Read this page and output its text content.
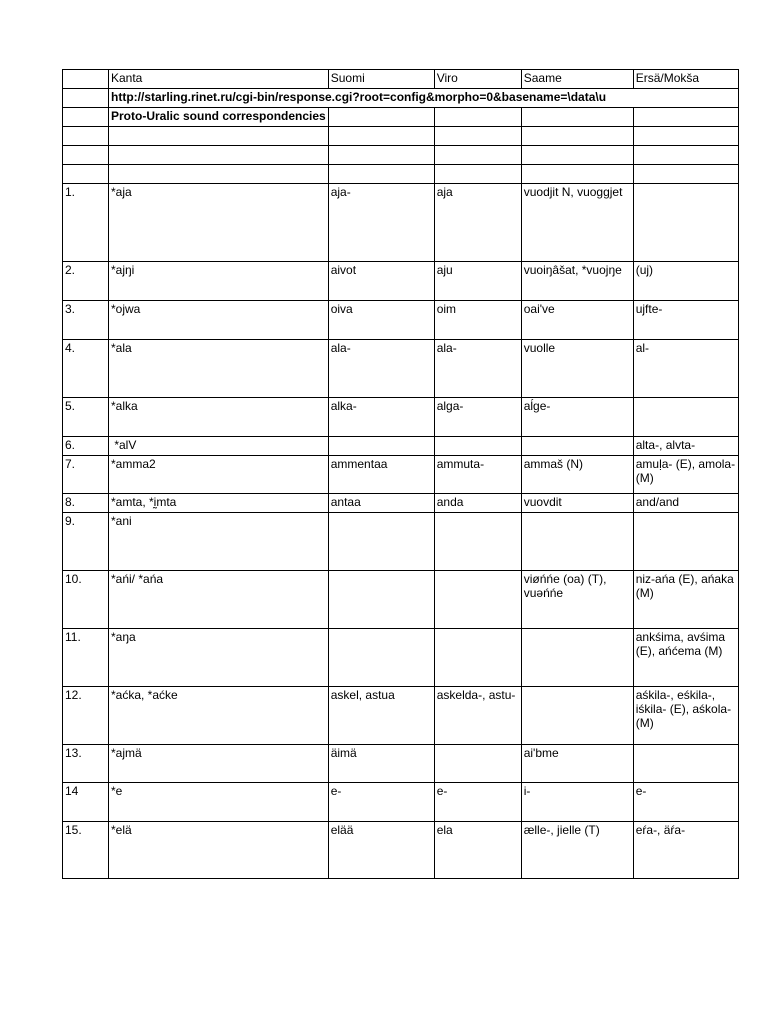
	Kanta	Suomi	Viro	Saame	Ersä/Mokša
	http://starling.rinet.ru/cgi-bin/response.cgi?root=config&morpho=0&basename=\data\u				
	Proto-Uralic sound correspondencies				

1.	*aja	aja-	aja	vuodjit N, vuoggjet	
2.	*ajŋi	aivot	aju	vuoiŋâšat, *vuojŋe	(uj)
3.	*ojwa	oiva	oim	oai've	ujfte-
4.	*ala	ala-	ala-	vuolle	al-
5.	*alka	alka-	alga-	aĺge-	
6.	*alV				alta-, alvta-
7.	*amma2	ammentaa	ammuta-	ammaš (N)	amuḷa- (E), amola- (M)
8.	*amta, *ḭmta	antaa	anda	vuovdit	and/and
9.	*ani				
10.	*ańi/ *ańa			viøńńe (oa) (T), vuəńńe	niz-ańa (E), ańaka (M)
11.	*aŋa				ankśima, avśima (E), ańćema (M)
12.	*aćka, *aćke	askel, astua	askelda-, astu-		aśkila-, eśkila-, iśkila- (E), aśkola- (M)
13.	*ajmä	äimä		ai'bme	
14	*e	e-	e-	i-	e-
15.	*elä	elää	ela	ælle-, jielle (T)	eŕa-, äŕa-
